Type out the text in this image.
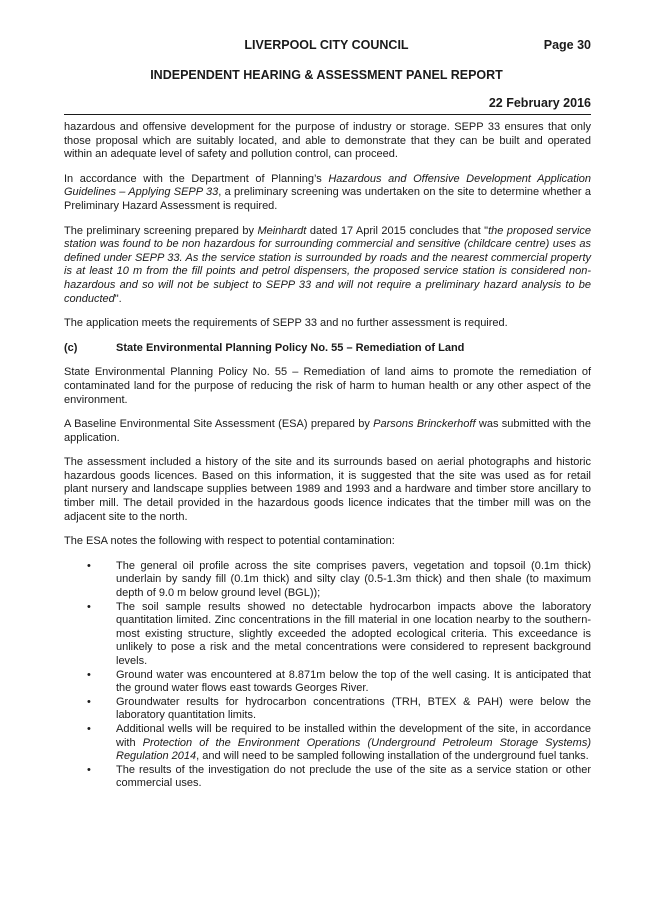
LIVERPOOL CITY COUNCIL	Page 30
INDEPENDENT HEARING & ASSESSMENT PANEL REPORT
22 February 2016

hazardous and offensive development for the purpose of industry or storage. SEPP 33 ensures that only those proposal which are suitably located, and able to demonstrate that they can be built and operated within an adequate level of safety and pollution control, can proceed.

In accordance with the Department of Planning’s Hazardous and Offensive Development Application Guidelines – Applying SEPP 33, a preliminary screening was undertaken on the site to determine whether a Preliminary Hazard Assessment is required.

The preliminary screening prepared by Meinhardt dated 17 April 2015 concludes that "the proposed service station was found to be non hazardous for surrounding commercial and sensitive (childcare centre) uses as defined under SEPP 33. As the service station is surrounded by roads and the nearest commercial property is at least 10 m from the fill points and petrol dispensers, the proposed service station is considered non-hazardous and so will not be subject to SEPP 33 and will not require a preliminary hazard analysis to be conducted".

The application meets the requirements of SEPP 33 and no further assessment is required.

(c)	State Environmental Planning Policy No. 55 – Remediation of Land

State Environmental Planning Policy No. 55 – Remediation of land aims to promote the remediation of contaminated land for the purpose of reducing the risk of harm to human health or any other aspect of the environment.

A Baseline Environmental Site Assessment (ESA) prepared by Parsons Brinckerhoff was submitted with the application.

The assessment included a history of the site and its surrounds based on aerial photographs and historic hazardous goods licences. Based on this information, it is suggested that the site was used as for retail plant nursery and landscape supplies between 1989 and 1993 and a hardware and timber store ancillary to timber mill. The detail provided in the hazardous goods licence indicates that the timber mill was on the adjacent site to the north.

The ESA notes the following with respect to potential contamination:

•	The general oil profile across the site comprises pavers, vegetation and topsoil (0.1m thick) underlain by sandy fill (0.1m thick) and silty clay (0.5-1.3m thick) and then shale (to maximum depth of 9.0 m below ground level (BGL));
•	The soil sample results showed no detectable hydrocarbon impacts above the laboratory quantitation limited. Zinc concentrations in the fill material in one location nearby to the southern-most existing structure, slightly exceeded the adopted ecological criteria. This exceedance is unlikely to pose a risk and the metal concentrations were considered to represent background levels.
•	Ground water was encountered at 8.871m below the top of the well casing. It is anticipated that the ground water flows east towards Georges River.
•	Groundwater results for hydrocarbon concentrations (TRH, BTEX & PAH) were below the laboratory quantitation limits.
•	Additional wells will be required to be installed within the development of the site, in accordance with Protection of the Environment Operations (Underground Petroleum Storage Systems) Regulation 2014, and will need to be sampled following installation of the underground fuel tanks.
•	The results of the investigation do not preclude the use of the site as a service station or other commercial uses.
